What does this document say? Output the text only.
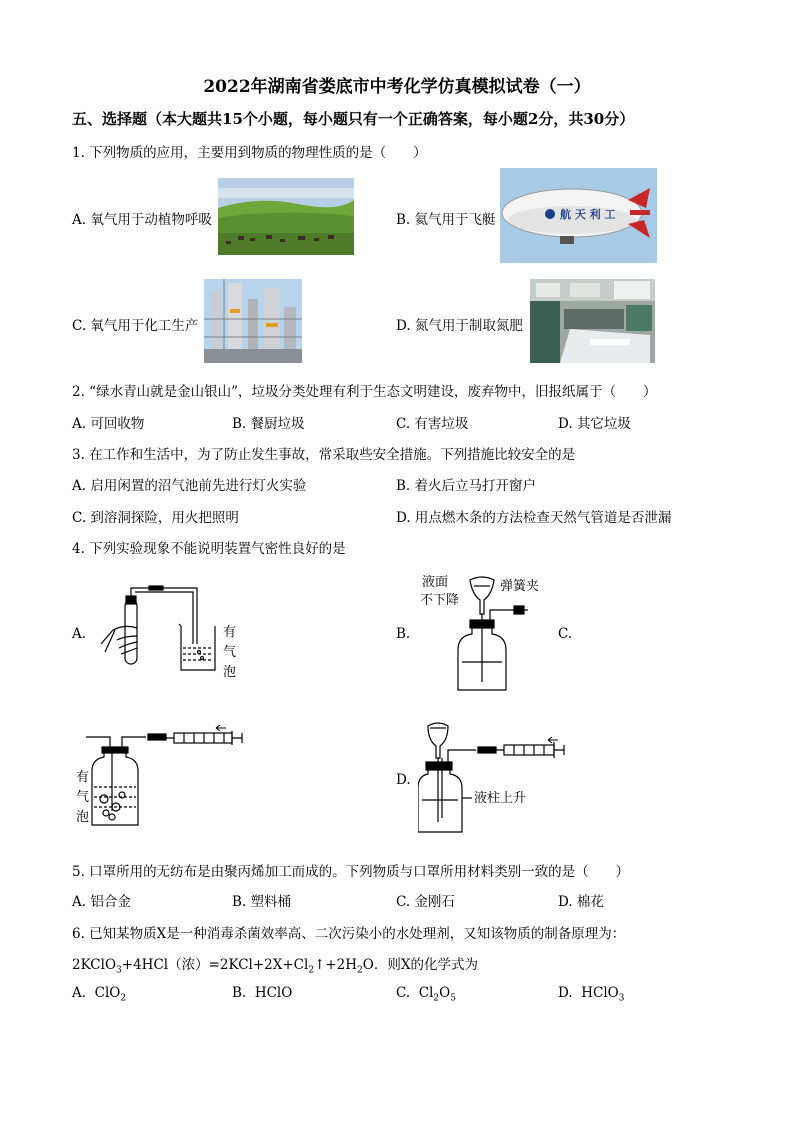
2022年湖南省娄底市中考化学仿真模拟试卷（一）
五、选择题（本大题共15个小题，每小题只有一个正确答案，每小题2分，共30分）
1. 下列物质的应用，主要用到物质的物理性质的是（　　）
A. 氧气用于动植物呼吸	B. 氦气用于飞艇	航 天 利 工
C. 氧气用于化工生产	D. 氮气用于制取氮肥
2. “绿水青山就是金山银山”，垃圾分类处理有利于生态文明建设，废弃物中，旧报纸属于（　　）
A. 可回收物	B. 餐厨垃圾	C. 有害垃圾	D. 其它垃圾
3. 在工作和生活中，为了防止发生事故，常采取些安全措施。下列措施比较安全的是
A. 启用闲置的沼气池前先进行灯火实验	B. 着火后立马打开窗户
C. 到溶洞探险，用火把照明	D. 用点燃木条的方法检查天然气管道是否泄漏
4. 下列实验现象不能说明装置气密性良好的是
A.	有
气
泡
B.
液面
不下降
弹簧夹
C.
有
气
泡
D.
液柱上升
5. 口罩所用的无纺布是由聚丙烯加工而成的。下列物质与口罩所用材料类别一致的是（　　）
A. 铝合金	B. 塑料桶	C. 金刚石	D. 棉花
6. 已知某物质X是一种消毒杀菌效率高、二次污染小的水处理剂，又知该物质的制备原理为：
2KClO$_3$+4HCl（浓）$=2KCl+2X+Cl_2↑+2H_2O$．则X的化学式为
A. ClO$_2$	B. HClO	C. $Cl_2O_5$	D. HClO$_3$
